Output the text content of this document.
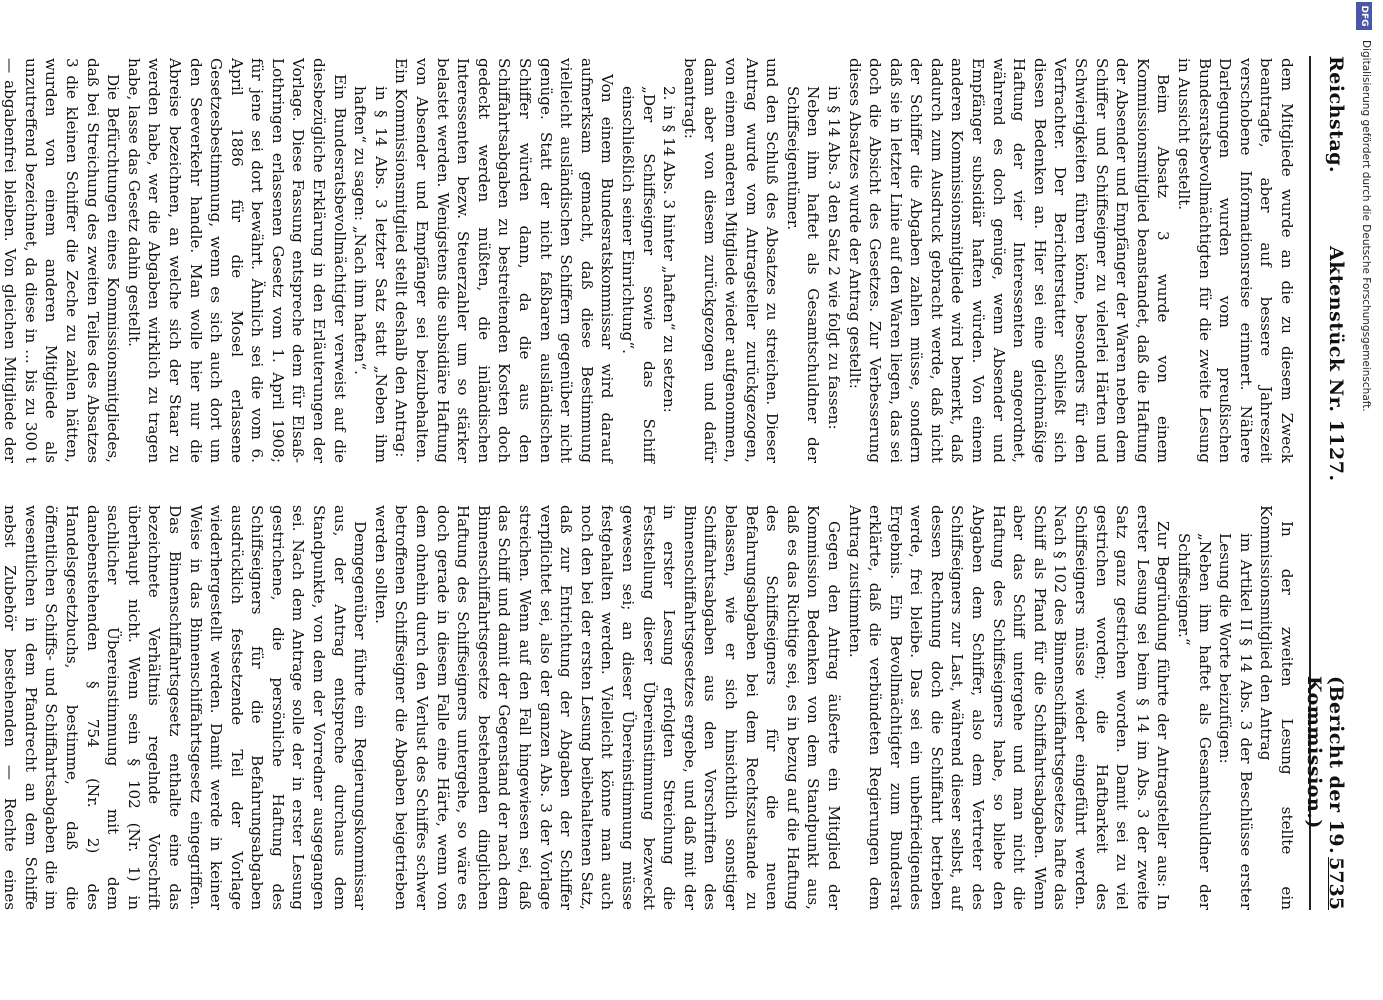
Reichstag.
Aktenstück Nr. 1127.
(Bericht der 19. Kommission.)
5735

dem Mitgliede wurde an die zu diesem Zweck beantragte, aber auf bessere Jahreszeit verschobene Informationsreise erinnert. Nähere Darlegungen wurden vom preußischen Bundesratsbevollmächtigten für die zweite Lesung in Aussicht gestellt.

Beim Absatz 3 wurde von einem Kommissionsmitglied beanstandet, daß die Haftung der Absender und Empfänger der Waren neben dem Schiffer und Schiffseigner zu vielerlei Härten und Schwierigkeiten führen könne, besonders für den Verfrachter. Der Berichterstatter schließt sich diesen Bedenken an. Hier sei eine gleichmäßige Haftung der vier Interessenten angeordnet, während es doch genüge, wenn Absender und Empfänger subsidiär haften würden. Von einem anderen Kommissionsmitgliede wird bemerkt, daß dadurch zum Ausdruck gebracht werde, daß nicht der Schiffer die Abgaben zahlen müsse, sondern daß sie in letzter Linie auf den Waren liegen, das sei doch die Absicht des Gesetzes. Zur Verbesserung dieses Absatzes wurde der Antrag gestellt:

in § 14 Abs. 3 den Satz 2 wie folgt zu fassen:

Neben ihm haftet als Gesamtschuldner der Schiffseigentümer.

und den Schluß des Absatzes zu streichen. Dieser Antrag wurde vom Antragsteller zurückgezogen, von einem anderen Mitgliede wieder aufgenommen, dann aber von diesem zurückgezogen und dafür beantragt:

2. in § 14 Abs. 3 hinter „haften“ zu setzen:

„Der Schiffseigner sowie das Schiff einschließlich seiner Einrichtung“.

Von einem Bundesratskommissar wird darauf aufmerksam gemacht, daß diese Bestimmung vielleicht ausländischen Schiffern gegenüber nicht genüge. Statt der nicht faßbaren ausländischen Schiffer würden dann, da die aus den Schiffahrtsabgaben zu bestreitenden Kosten doch gedeckt werden müßten, die inländischen Interessenten bezw. Steuerzahler um so stärker belastet werden. Wenigstens die subsidiäre Haftung von Absender und Empfänger sei beizubehalten. Ein Kommissionsmitglied stellt deshalb den Antrag:

in § 14 Abs. 3 letzter Satz statt „Neben ihm haften“ zu sagen: „Nach ihm haften“.

Ein Bundesratsbevollmächtigter verweist auf die diesbezügliche Erklärung in den Erläuterungen der Vorlage. Diese Fassung entspreche dem für Elsaß-Lothringen erlassenen Gesetz vom 1. April 1908; für jene sei dort bewährt. Ähnlich sei die vom 6. April 1886 für die Mosel erlassene Gesetzesbestimmung, wenn es sich auch dort um den Seeverkehr handle. Man wolle hier nur die Abreise bezeichnen, an welche sich der Staar zu werden habe, wer die Abgaben wirklich zu tragen habe, lasse das Gesetz dahin gestellt.

Die Befürchtungen eines Kommissionsmitgliedes, daß bei Streichung des zweiten Teiles des Absatzes 3 die kleinen Schiffer die Zeche zu zahlen hätten, wurden von einem anderen Mitgliede als unzutreffend bezeichnet, da diese in ... bis zu 300 t — abgabenfrei bleiben. Von gleichen Mitgliede der

In der zweiten Lesung stellte ein Kommissionsmitglied den Antrag

im Artikel II § 14 Abs. 3 der Beschlüsse erster Lesung die Worte beizufügen:

„Neben ihm haftet als Gesamtschuldner der Schiffseigner.“

Zur Begründung führte der Antragsteller aus: In erster Lesung sei beim § 14 im Abs. 3 der zweite Satz ganz gestrichen worden. Damit sei zu viel gestrichen worden; die Haftbarkeit des Schiffseigners müsse wieder eingeführt werden. Nach § 102 des Binnenschiffahrtsgesetzes hafte das Schiff als Pfand für die Schiffahrtsabgaben. Wenn aber das Schiff untergehe und man nicht die Haftung des Schiffseigners habe, so bliebe den Abgaben dem Schiffer, also dem Vertreter des Schiffseigners zur Last, während dieser selbst, auf dessen Rechnung doch die Schiffahrt betrieben werde, frei bleibe. Das sei ein unbefriedigendes Ergebnis. Ein Bevollmächtigter zum Bundesrat erklärte, daß die verbündeten Regierungen dem Antrag zustimmten.

Gegen den Antrag äußerte ein Mitglied der Kommission Bedenken von dem Standpunkt aus, daß es das Richtige sei, es in bezug auf die Haftung des Schiffseigners für die neuen Befahrungsabgaben bei dem Rechtszustande zu belassen, wie er sich hinsichtlich sonstiger Schiffahrtsabgaben aus den Vorschriften des Binnenschiffahrtsgesetzes ergebe, und daß mit der in erster Lesung erfolgten Streichung die Feststellung dieser Übereinstimmung bezweckt gewesen sei; an dieser Übereinstimmung müsse festgehalten werden. Vielleicht könne man auch noch den bei der ersten Lesung beibehaltenen Satz, daß zur Entrichtung der Abgaben der Schiffer verpflichtet sei, also der ganzen Abs. 3 der Vorlage streichen. Wenn auf den Fall hingewiesen sei, daß das Schiff und damit der Gegenstand der nach dem Binnenschiffahrtsgesetze bestehenden dinglichen Haftung des Schiffseigners untergehe, so wäre es doch gerade in diesem Falle eine Härte, wenn von dem ohnehin durch den Verlust des Schiffes schwer betroffenen Schiffseigner die Abgaben beigetrieben werden sollten.

Demgegenüber führte ein Regierungskommissar aus, der Antrag entspreche durchaus dem Standpunkte, von dem der Vorredner ausgegangen sei. Nach dem Antrage solle der in erster Lesung gestrichene, die persönliche Haftung des Schiffseigners für die Befahrungsabgaben ausdrücklich festsetzende Teil der Vorlage wiederhergestellt werden. Damit werde in keiner Weise in das Binnenschiffahrtsgesetz eingegriffen. Das Binnenschiffahrtsgesetz enthalte eine das bezeichnete Verhältnis regelnde Vorschrift überhaupt nicht. Wenn sein § 102 (Nr. 1) in sachlicher Übereinstimmung mit dem danebenstehenden § 754 (Nr. 2) des Handelsgesetzbuchs, bestimme, daß die öffentlichen Schiffs- und Schiffahrtsabgaben die im wesentlichen in dem Pfandrecht an dem Schiffe nebst Zubehör bestehenden — Rechte eines

DFG
Digitalisierung gefördert durch die Deutsche Forschungsgemeinschaft.
